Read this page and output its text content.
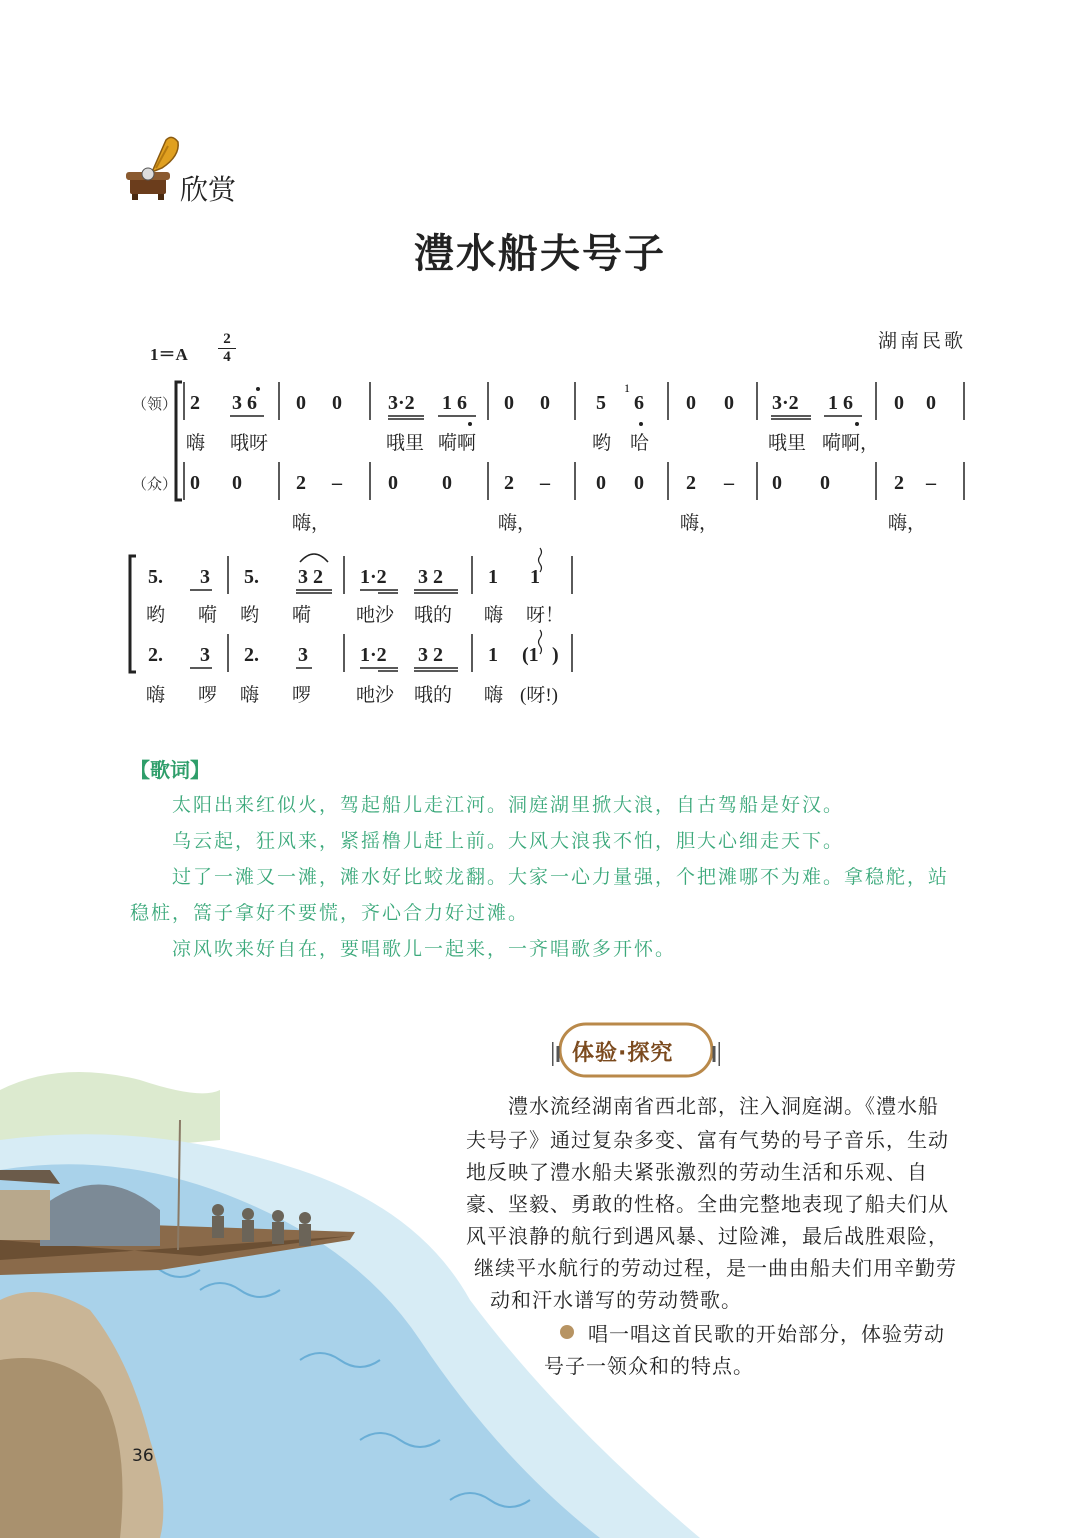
欣赏
澧水船夫号子
湖南民歌
1＝A
2
4
（领）
（众）
1
2 3 6 0 0 3·2 1 6 0 0 5 6 0 0 3·2 1 6 0 0
嗨 哦呀	哦里 嗬啊	哟 哈	哦里 嗬啊，
0 0	2 – 0 0	2 – 0 0 2 – 0 0	2 –
嗨，	嗨，	嗨，	嗨，
5. 3 5. 3 2 1·2 3 2 1 1
哟 嗬 哟 嗬 吔沙 哦的 嗨 呀！
2. 3 2. 3	1·2 3 2 1 (1 )
嗨 啰 嗨 啰 吔沙 哦的 嗨 (呀!)
【歌词】
太阳出来红似火，驾起船儿走江河。洞庭湖里掀大浪，自古驾船是好汉。
乌云起，狂风来，紧摇橹儿赶上前。大风大浪我不怕，胆大心细走天下。
过了一滩又一滩，滩水好比蛟龙翻。大家一心力量强，个把滩哪不为难。拿稳舵，站
稳桩，篙子拿好不要慌，齐心合力好过滩。
凉风吹来好自在，要唱歌儿一起来，一齐唱歌多开怀。
体验·探究
澧水流经湖南省西北部，注入洞庭湖。《澧水船
夫号子》通过复杂多变、富有气势的号子音乐，生动
地反映了澧水船夫紧张激烈的劳动生活和乐观、自
豪、坚毅、勇敢的性格。全曲完整地表现了船夫们从
风平浪静的航行到遇风暴、过险滩，最后战胜艰险，
继续平水航行的劳动过程，是一曲由船夫们用辛勤劳
动和汗水谱写的劳动赞歌。
唱一唱这首民歌的开始部分，体验劳动
号子一领众和的特点。
36
